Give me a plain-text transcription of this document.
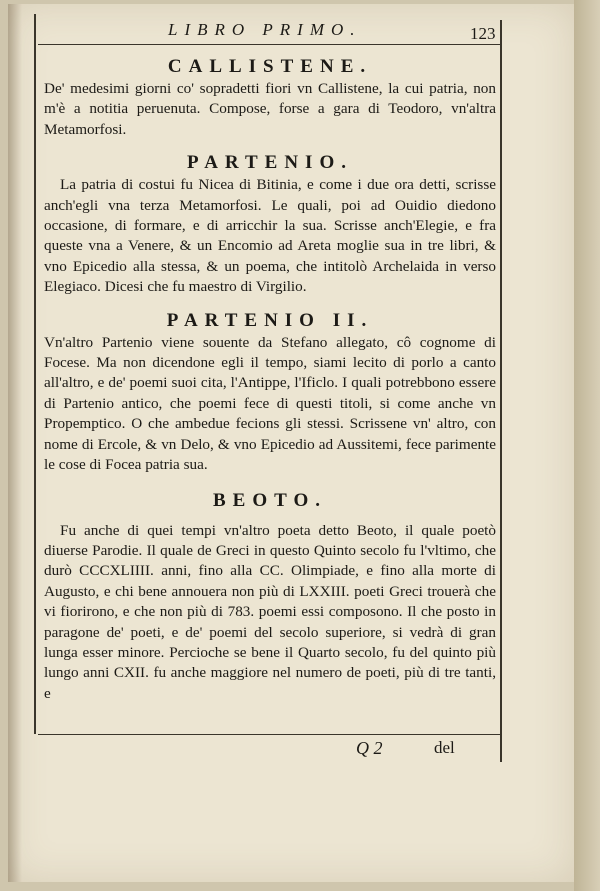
LIBRO PRIMO.	123
CALLISTENE.

De' medesimi giorni co' sopradetti fiori vn Callistene, la cui patria, non m'è a notitia peruenuta. Compose, forse a gara di Teodoro, vn'altra Metamorfosi.

PARTENIO.

La patria di costui fu Nicea di Bitinia, e come i due ora detti, scrisse anch'egli vna terza Metamorfosi. Le quali, poi ad Ouidio diedono occasione, di formare, e di arricchir la sua. Scrisse anch'Elegie, e fra queste vna a Venere, & un Encomio ad Areta moglie sua in tre libri, & vno Epicedio alla stessa, & un poema, che intitolò Archelaida in verso Elegiaco. Dicesi che fu maestro di Virgilio.

PARTENIO II.

Vn'altro Partenio viene souente da Stefano allegato, cô cognome di Focese. Ma non dicendone egli il tempo, siami lecito di porlo a canto all'altro, e de' poemi suoi cita, l'Antippe, l'Ificlo. I quali potrebbono essere di Partenio antico, che poemi fece di questi titoli, si come anche vn Propemptico. O che ambedue fecions gli stessi. Scrissene vn' altro, con nome di Ercole, & vn Delo, & vno Epicedio ad Aussitemi, fece parimente le cose di Focea patria sua.

BEOTO.

Fu anche di quei tempi vn'altro poeta detto Beoto, il quale poetò diuerse Parodie. Il quale de Greci in questo Quinto secolo fu l'vltimo, che durò CCCXLIIII. anni, fino alla CC. Olimpiade, e fino alla morte di Augusto, e chi bene annouera non più di LXXIII. poeti Greci trouerà che vi fiorirono, e che non più di 783. poemi essi composono. Il che posto in paragone de' poeti, e de' poemi del secolo superiore, si vedrà di gran lunga esser minore. Percioche se bene il Quarto secolo, fu del quinto più lungo anni CXII. fu anche maggiore nel numero de poeti, più di tre tanti, e

Q 2	del
